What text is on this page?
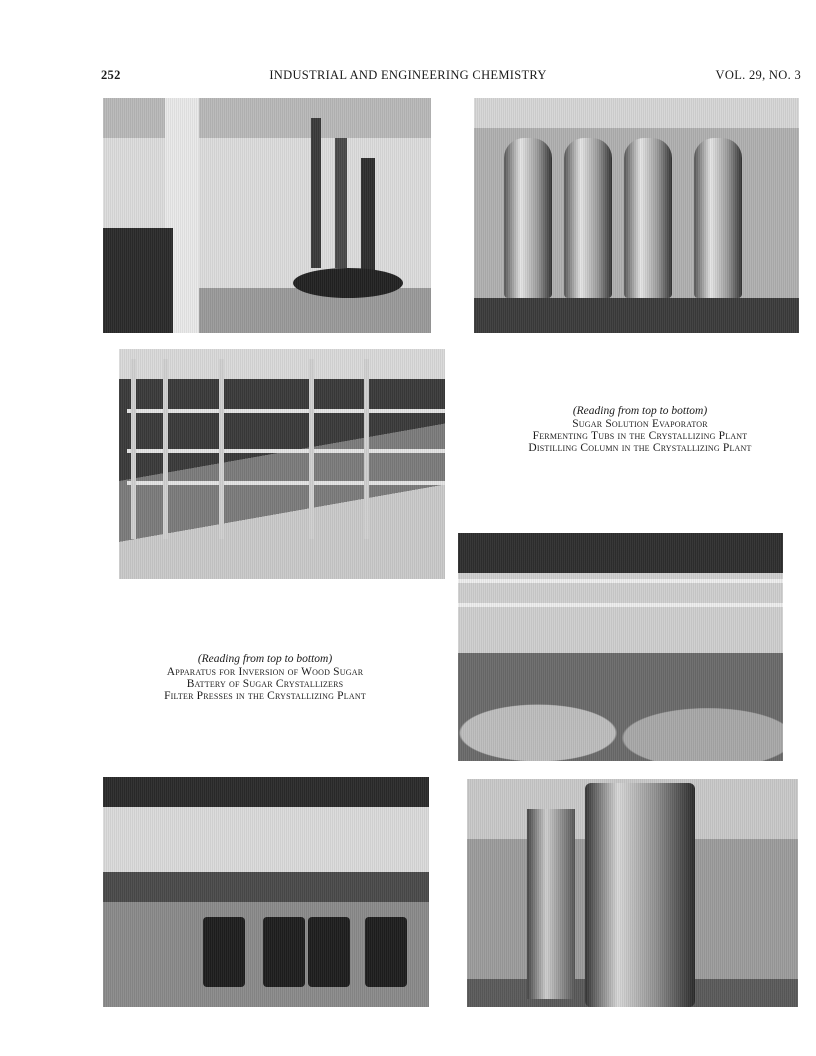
252	INDUSTRIAL AND ENGINEERING CHEMISTRY	VOL. 29, NO. 3
(Reading from top to bottom)
Sugar Solution Evaporator
Fermenting Tubs in the Crystallizing Plant
Distilling Column in the Crystallizing Plant
(Reading from top to bottom)
Apparatus for Inversion of Wood Sugar
Battery of Sugar Crystallizers
Filter Presses in the Crystallizing Plant
